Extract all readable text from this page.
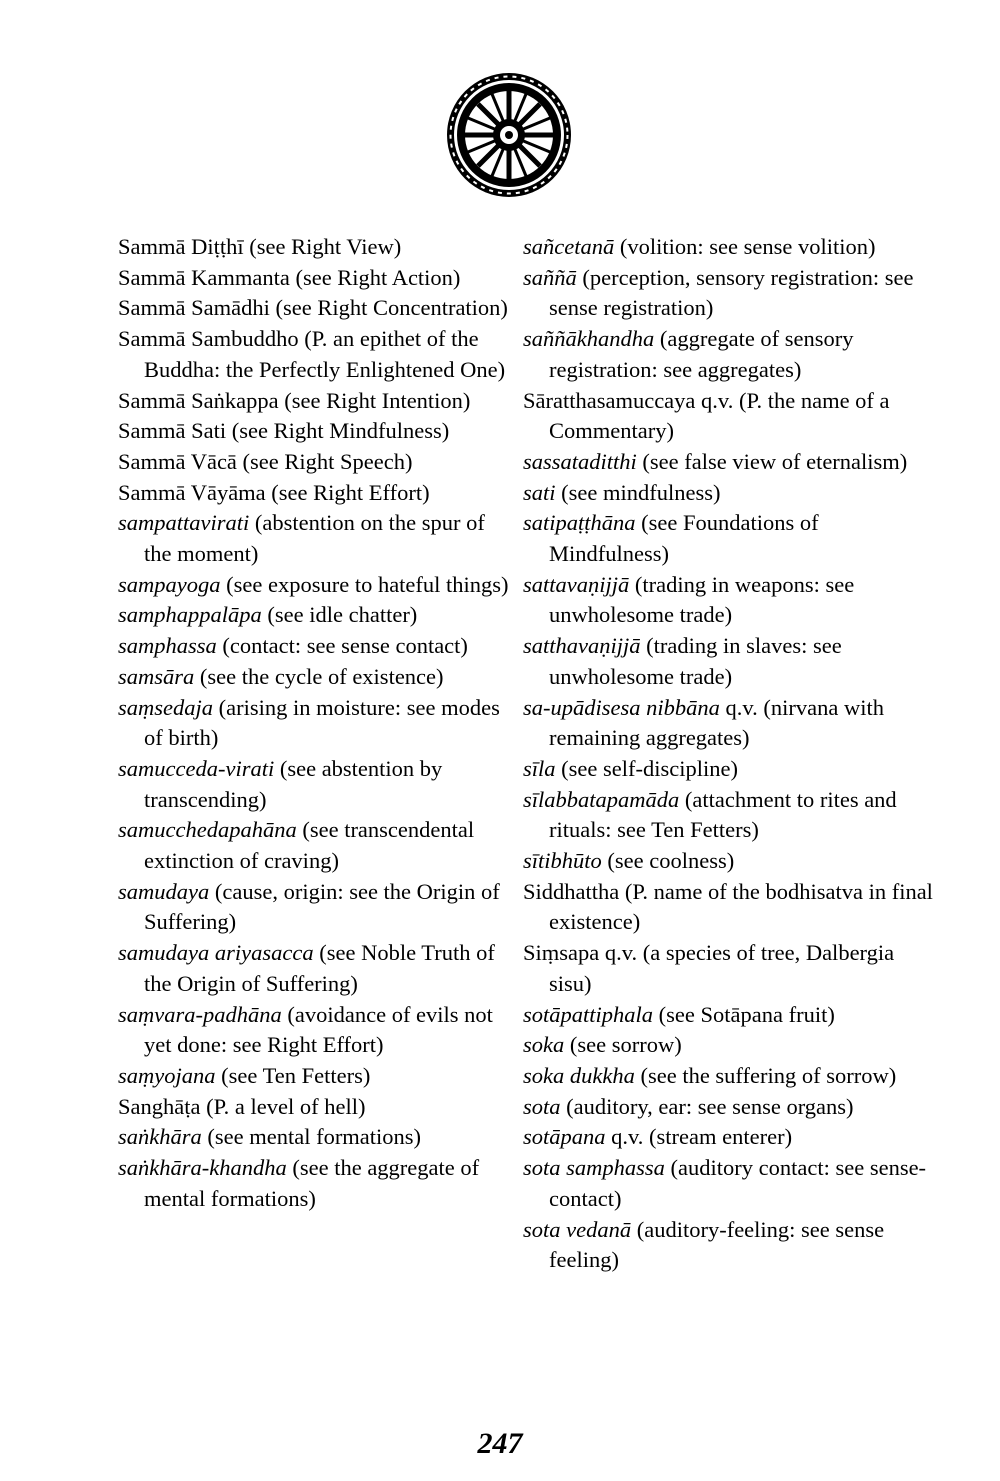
Sammā Diṭṭhī (see Right View)
Sammā Kammanta (see Right Action)
Sammā Samādhi (see Right Concentration)
Sammā Sambuddho (P. an epithet of the Buddha: the Perfectly Enlightened One)
Sammā Saṅkappa (see Right Intention)
Sammā Sati (see Right Mindfulness)
Sammā Vācā (see Right Speech)
Sammā Vāyāma (see Right Effort)
sampattavirati (abstention on the spur of the moment)
sampayoga (see exposure to hateful things)
samphappalāpa (see idle chatter)
samphassa (contact: see sense contact)
samsāra (see the cycle of existence)
saṃsedaja (arising in moisture: see modes of birth)
samucceda-virati (see abstention by transcending)
samucchedapahāna (see transcendental extinction of craving)
samudaya (cause, origin: see the Origin of Suffering)
samudaya ariyasacca (see Noble Truth of the Origin of Suffering)
saṃvara-padhāna (avoidance of evils not yet done: see Right Effort)
saṃyojana (see Ten Fetters)
Sanghāṭa (P. a level of hell)
saṅkhāra (see mental formations)
saṅkhāra-khandha (see the aggregate of mental formations)
sañcetanā (volition: see sense volition)
saññā (perception, sensory registration: see sense registration)
saññākhandha (aggregate of sensory registration: see aggregates)
Sāratthasamuccaya q.v. (P. the name of a Commentary)
sassataditthi (see false view of eternalism)
sati (see mindfulness)
satipaṭṭhāna (see Foundations of Mindfulness)
sattavaṇijjā (trading in weapons: see unwholesome trade)
satthavaṇijjā (trading in slaves: see unwholesome trade)
sa-upādisesa nibbāna q.v. (nirvana with remaining aggregates)
sīla (see self-discipline)
sīlabbatapamāda (attachment to rites and rituals: see Ten Fetters)
sītibhūto (see coolness)
Siddhattha (P. name of the bodhisatva in final existence)
Siṃsapa q.v. (a species of tree, Dalbergia sisu)
sotāpattiphala (see Sotāpana fruit)
soka (see sorrow)
soka dukkha (see the suffering of sorrow)
sota (auditory, ear: see sense organs)
sotāpana q.v. (stream enterer)
sota samphassa (auditory contact: see sense-contact)
sota vedanā (auditory-feeling: see sense feeling)
247
